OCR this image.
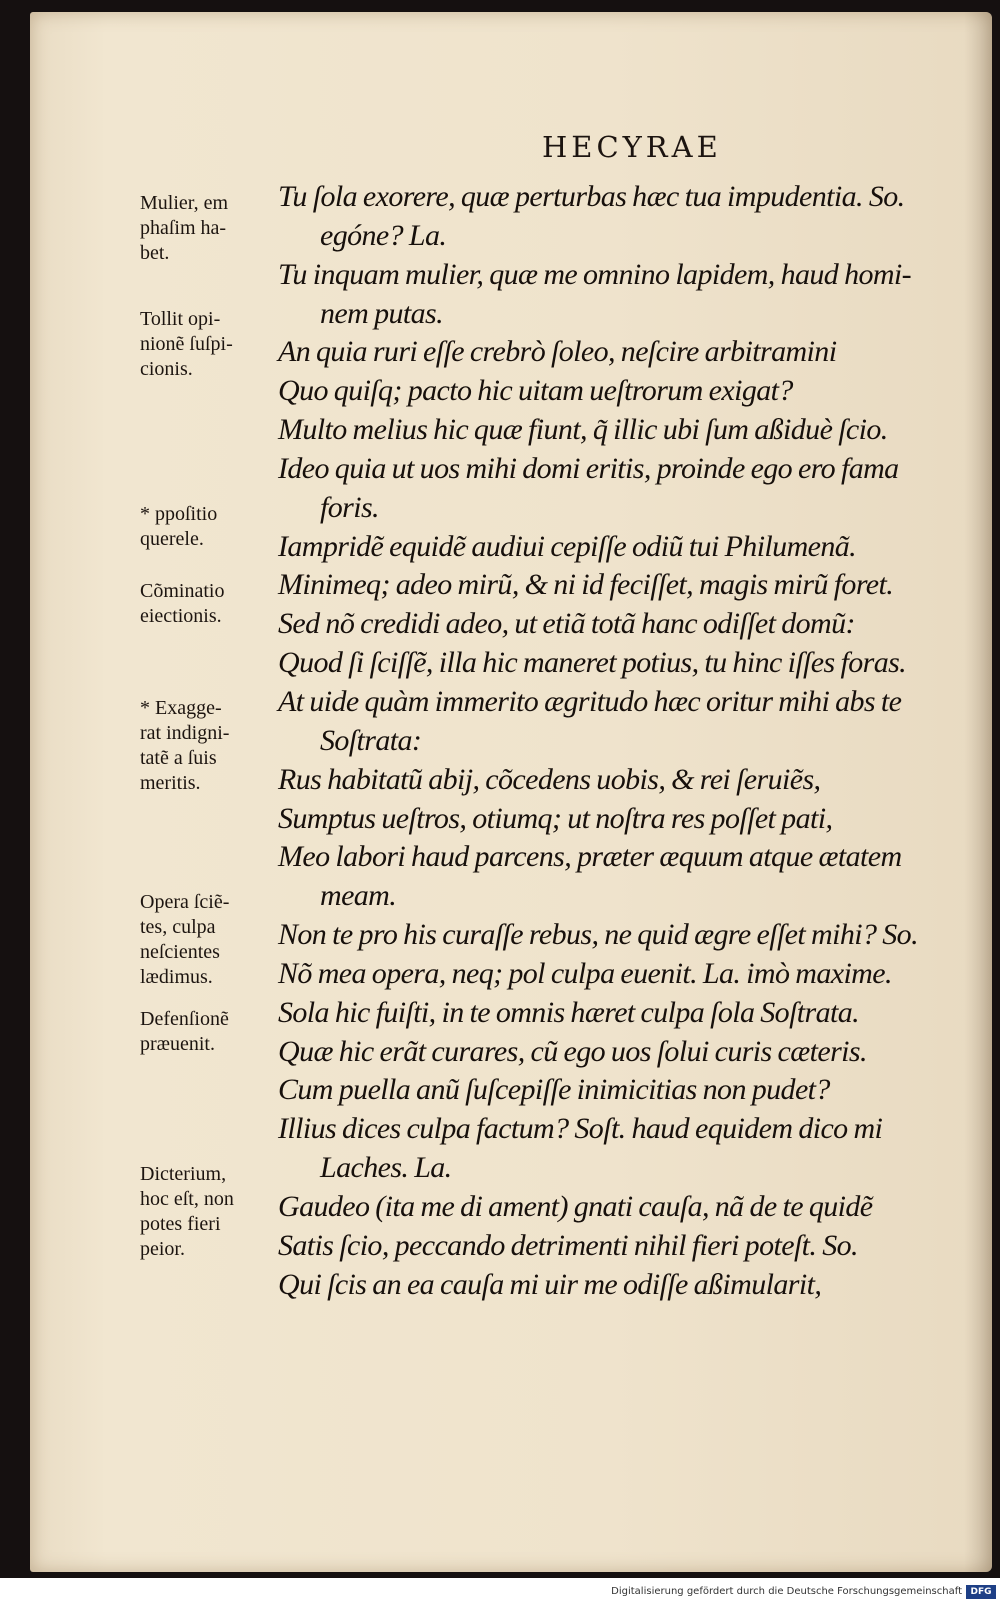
HECYRAE
Tu ſola exorere, quæ perturbas hæc tua impudentia. So.
egóne? La.
Tu inquam mulier, quæ me omnino lapidem, haud homi-
nem putas.
An quia ruri eſſe crebrò ſoleo, neſcire arbitramini
Quo quiſq; pacto hic uitam ueſtrorum exigat?
Multo melius hic quæ fiunt, q̃ illic ubi ſum aßiduè ſcio.
Ideo quia ut uos mihi domi eritis, proinde ego ero fama
foris.
Iampridẽ equidẽ audiui cepiſſe odiũ tui Philumenã.
Minimeq; adeo mirũ, & ni id feciſſet, magis mirũ foret.
Sed nõ credidi adeo, ut etiã totã hanc odiſſet domũ:
Quod ſi ſciſſẽ, illa hic maneret potius, tu hinc iſſes foras.
At uide quàm immerito ægritudo hæc oritur mihi abs te
Soſtrata:
Rus habitatũ abij, cõcedens uobis, & rei ſeruiẽs,
Sumptus ueſtros, otiumq; ut noſtra res poſſet pati,
Meo labori haud parcens, præter æquum atque ætatem
meam.
Non te pro his curaſſe rebus, ne quid ægre eſſet mihi? So.
Nõ mea opera, neq; pol culpa euenit. La. imò maxime.
Sola hic fuiſti, in te omnis hæret culpa ſola Soſtrata.
Quæ hic erãt curares, cũ ego uos ſolui curis cæteris.
Cum puella anũ ſuſcepiſſe inimicitias non pudet?
Illius dices culpa factum? Soſt. haud equidem dico mi
Laches. La.
Gaudeo (ita me di ament) gnati cauſa, nã de te quidẽ
Satis ſcio, peccando detrimenti nihil fieri poteſt. So.
Qui ſcis an ea cauſa mi uir me odiſſe aßimularit,
Mulier, em
phaſim ha-
bet.
Tollit opi-
nionẽ ſuſpi-
cionis.
* ppoſitio
querele.
Cõminatio
eiectionis.
* Exagge-
rat indigni-
tatẽ a ſuis
meritis.
Opera ſciẽ-
tes, culpa
neſcientes
lædimus.
Defenſionẽ
præuenit.
Dicterium,
hoc eſt, non
potes fieri
peior.
Digitalisierung gefördert durch die Deutsche Forschungsgemeinschaft DFG
